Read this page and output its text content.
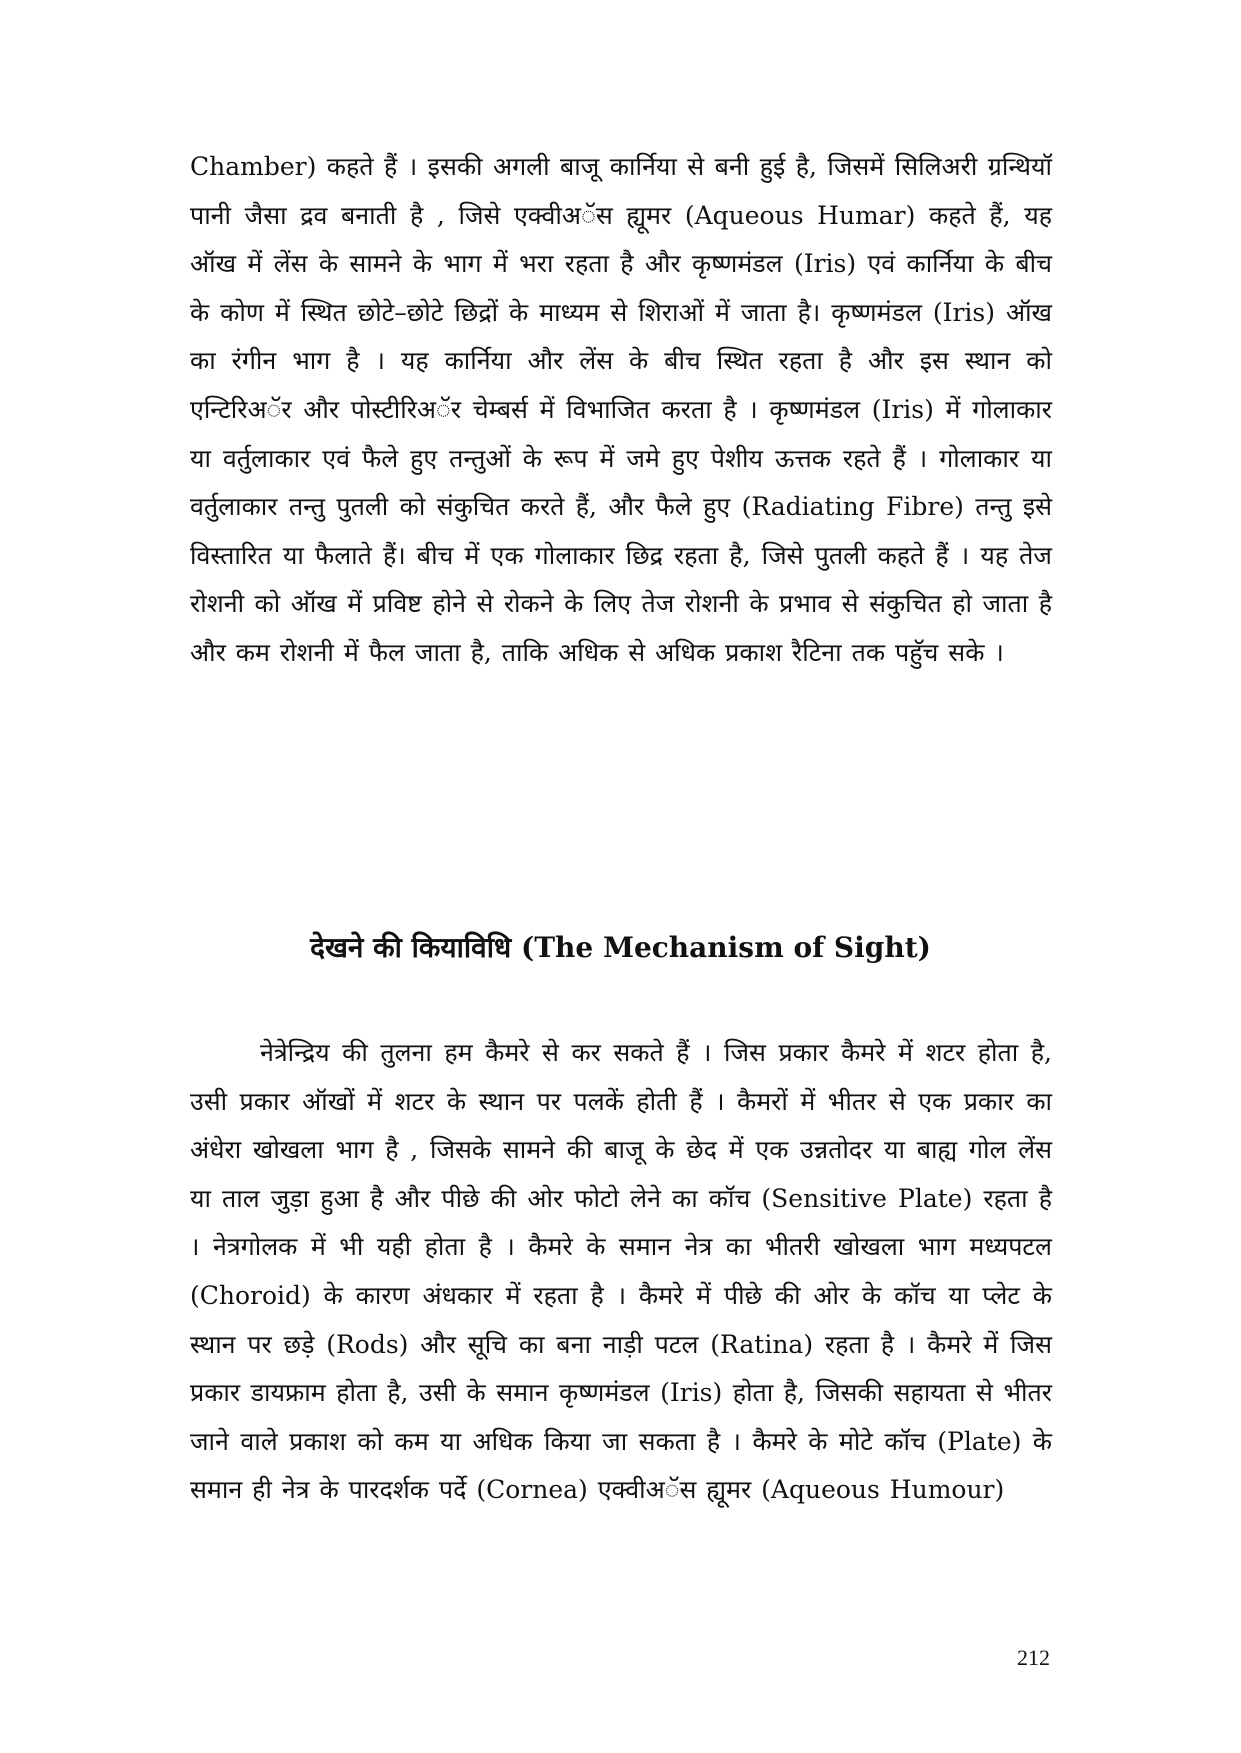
Chamber) कहते हैं । इसकी अगली बाजू कार्निया से बनी हुई है, जिसमें सिलिअरी ग्रन्थियॉ पानी जैसा द्रव बनाती है , जिसे एक्वीअॅस ह्यूमर (Aqueous Humar) कहते हैं, यह ऑख में लेंस के सामने के भाग में भरा रहता है और कृष्णमंडल (Iris) एवं कार्निया के बीच के कोण में स्थित छोटे–छोटे छिद्रों के माध्यम से शिराओं में जाता है। कृष्णमंडल (Iris) ऑख का रंगीन भाग है । यह कार्निया और लेंस के बीच स्थित रहता है और इस स्थान को एन्टिरिअॅर और पोस्टीरिअॅर चेम्बर्स में विभाजित करता है । कृष्णमंडल (Iris) में गोलाकार या वर्तुलाकार एवं फैले हुए तन्तुओं के रूप में जमे हुए पेशीय ऊत्तक रहते हैं । गोलाकार या वर्तुलाकार तन्तु पुतली को संकुचित करते हैं, और फैले हुए (Radiating Fibre) तन्तु इसे विस्तारित या फैलाते हैं। बीच में एक गोलाकार छिद्र रहता है, जिसे पुतली कहते हैं । यह तेज रोशनी को ऑख में प्रविष्ट होने से रोकने के लिए तेज रोशनी के प्रभाव से संकुचित हो जाता है और कम रोशनी में फैल जाता है, ताकि अधिक से अधिक प्रकाश रैटिना तक पहुॅच सके ।

देखने की कियाविधि (The Mechanism of Sight)

नेत्रेन्द्रिय की तुलना हम कैमरे से कर सकते हैं । जिस प्रकार कैमरे में शटर होता है, उसी प्रकार ऑखों में शटर के स्थान पर पलकें होती हैं । कैमरों में भीतर से एक प्रकार का अंधेरा खोखला भाग है , जिसके सामने की बाजू के छेद में एक उन्नतोदर या बाह्य गोल लेंस या ताल जुड़ा हुआ है और पीछे की ओर फोटो लेने का कॉच (Sensitive Plate) रहता है । नेत्रगोलक में भी यही होता है । कैमरे के समान नेत्र का भीतरी खोखला भाग मध्यपटल (Choroid) के कारण अंधकार में रहता है । कैमरे में पीछे की ओर के कॉच या प्लेट के स्थान पर छड़े (Rods) और सूचि का बना नाड़ी पटल (Ratina) रहता है । कैमरे में जिस प्रकार डायफ्राम होता है, उसी के समान कृष्णमंडल (Iris) होता है, जिसकी सहायता से भीतर जाने वाले प्रकाश को कम या अधिक किया जा सकता है । कैमरे के मोटे कॉच (Plate) के समान ही नेत्र के पारदर्शक पर्दे (Cornea) एक्वीअॅस ह्यूमर (Aqueous Humour)

212
